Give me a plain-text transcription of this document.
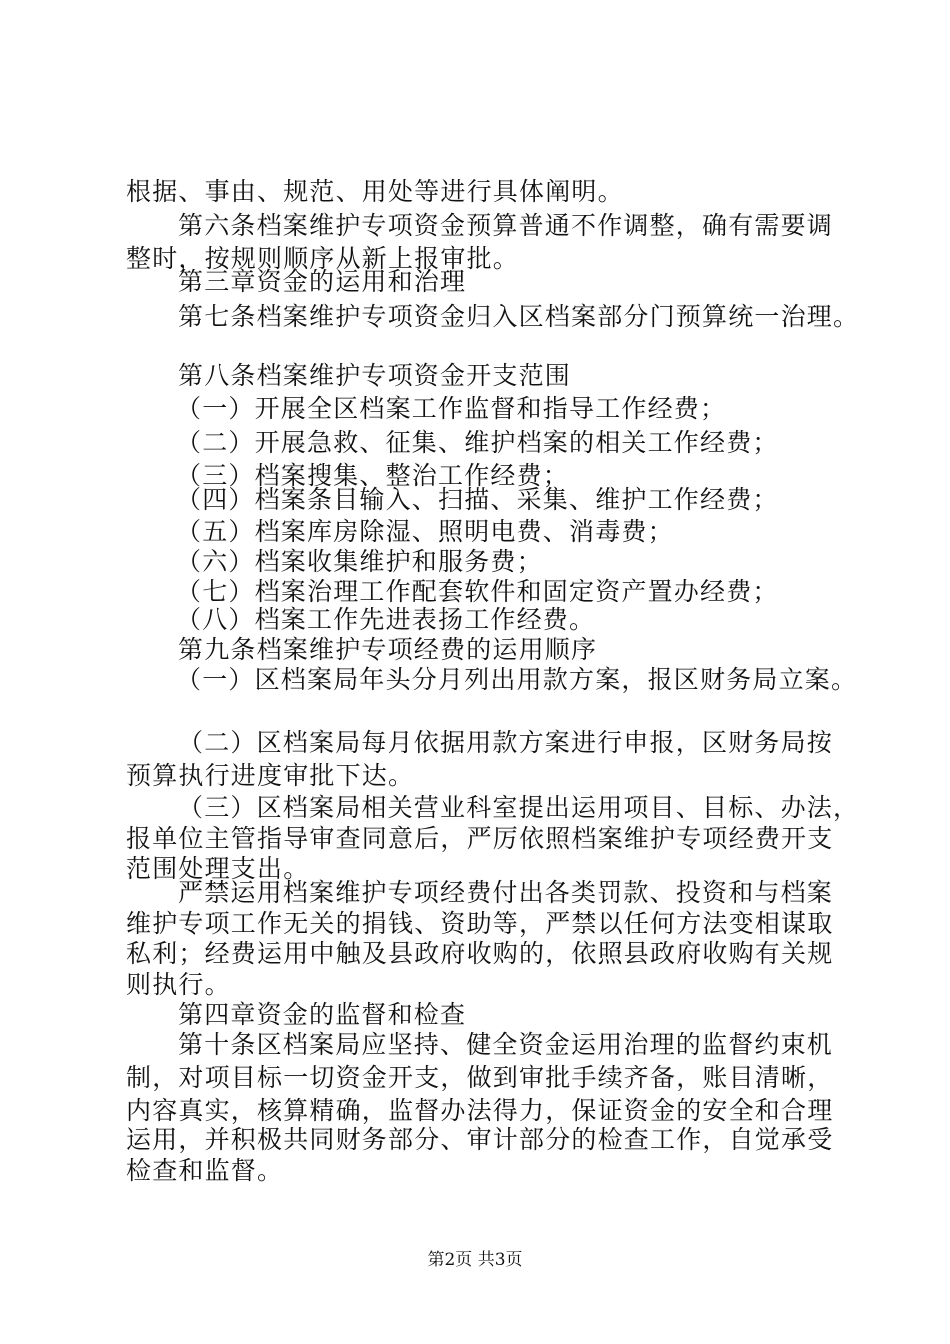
根据、事由、规范、用处等进行具体阐明。
第六条档案维护专项资金预算普通不作调整，确有需要调
整时，按规则顺序从新上报审批。
第三章资金的运用和治理
第七条档案维护专项资金归入区档案部分门预算统一治理。
第八条档案维护专项资金开支范围
（一）开展全区档案工作监督和指导工作经费；
（二）开展急救、征集、维护档案的相关工作经费；
（三）档案搜集、整治工作经费；
（四）档案条目输入、扫描、采集、维护工作经费；
（五）档案库房除湿、照明电费、消毒费；
（六）档案收集维护和服务费；
（七）档案治理工作配套软件和固定资产置办经费；
（八）档案工作先进表扬工作经费。
第九条档案维护专项经费的运用顺序
（一）区档案局年头分月列出用款方案，报区财务局立案。
（二）区档案局每月依据用款方案进行申报，区财务局按
预算执行进度审批下达。
（三）区档案局相关营业科室提出运用项目、目标、办法，
报单位主管指导审查同意后，严厉依照档案维护专项经费开支
范围处理支出。
严禁运用档案维护专项经费付出各类罚款、投资和与档案
维护专项工作无关的捐钱、资助等，严禁以任何方法变相谋取
私利；经费运用中触及县政府收购的，依照县政府收购有关规
则执行。
第四章资金的监督和检查
第十条区档案局应坚持、健全资金运用治理的监督约束机
制，对项目标一切资金开支，做到审批手续齐备，账目清晰，
内容真实，核算精确，监督办法得力，保证资金的安全和合理
运用，并积极共同财务部分、审计部分的检查工作，自觉承受
检查和监督。
第2页 共3页
